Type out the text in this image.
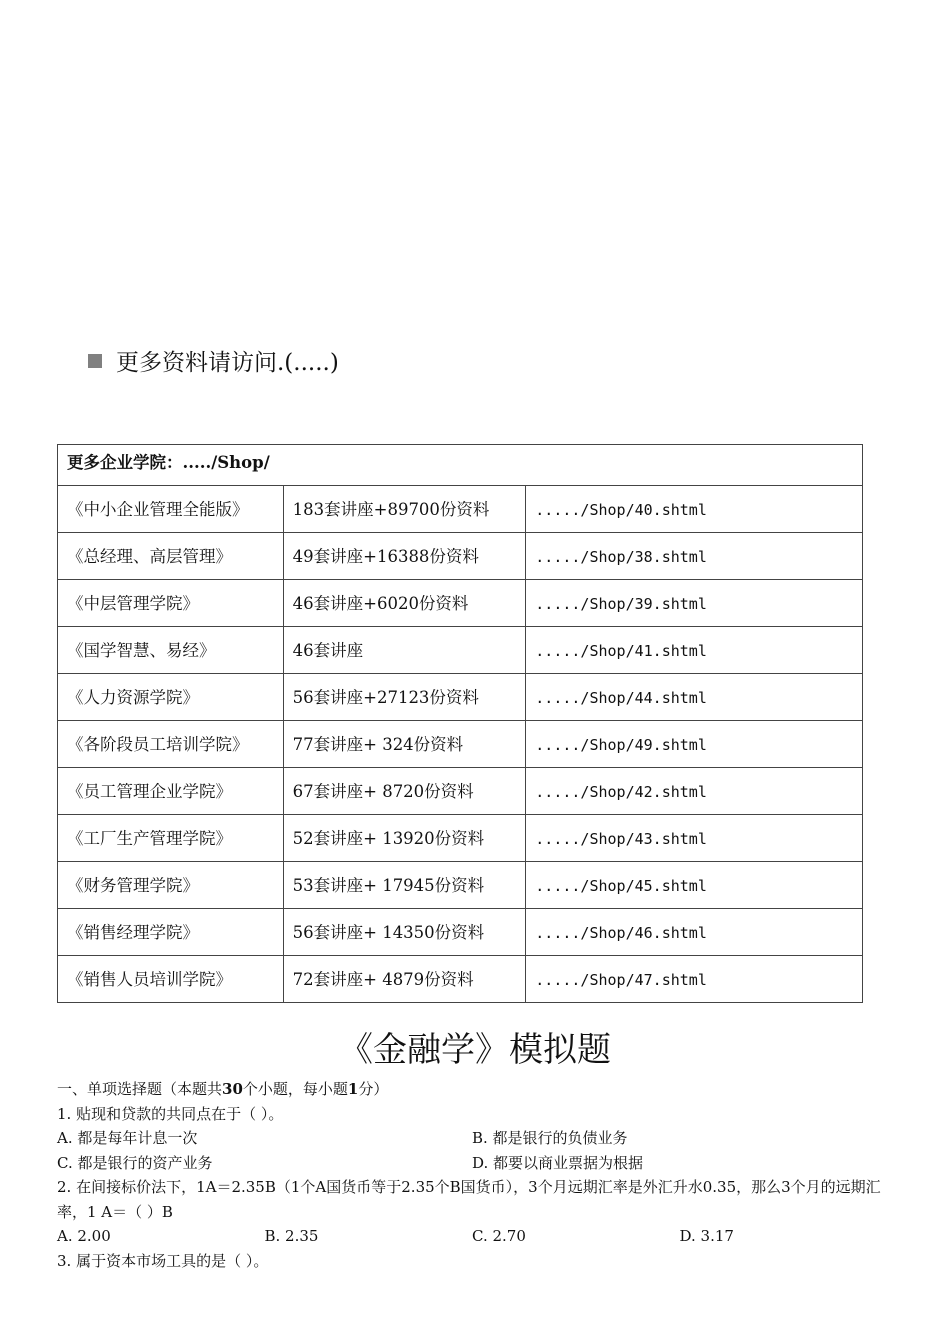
更多资料请访问.(.....)
更多企业学院：...../Shop/		
《中小企业管理全能版》	183套讲座+89700份资料	...../Shop/40.shtml
《总经理、高层管理》	49套讲座+16388份资料	...../Shop/38.shtml
《中层管理学院》	46套讲座+6020份资料	...../Shop/39.shtml
《国学智慧、易经》	46套讲座	...../Shop/41.shtml
《人力资源学院》	56套讲座+27123份资料	...../Shop/44.shtml
《各阶段员工培训学院》	77套讲座+ 324份资料	...../Shop/49.shtml
《员工管理企业学院》	67套讲座+ 8720份资料	...../Shop/42.shtml
《工厂生产管理学院》	52套讲座+ 13920份资料	...../Shop/43.shtml
《财务管理学院》	53套讲座+ 17945份资料	...../Shop/45.shtml
《销售经理学院》	56套讲座+ 14350份资料	...../Shop/46.shtml
《销售人员培训学院》	72套讲座+ 4879份资料	...../Shop/47.shtml
《金融学》模拟题
一、单项选择题（本题共30个小题，每小题1分）
1. 贴现和贷款的共同点在于（ ）。
A. 都是每年计息一次	B. 都是银行的负债业务
C. 都是银行的资产业务	D. 都要以商业票据为根据
2. 在间接标价法下，1A＝2.35B（1个A国货币等于2.35个B国货币），3个月远期汇率是外汇升水0.35，那么3个月的远期汇率，1 A＝（ ）B
A. 2.00	B. 2.35	C. 2.70	D. 3.17
3. 属于资本市场工具的是（ ）。
